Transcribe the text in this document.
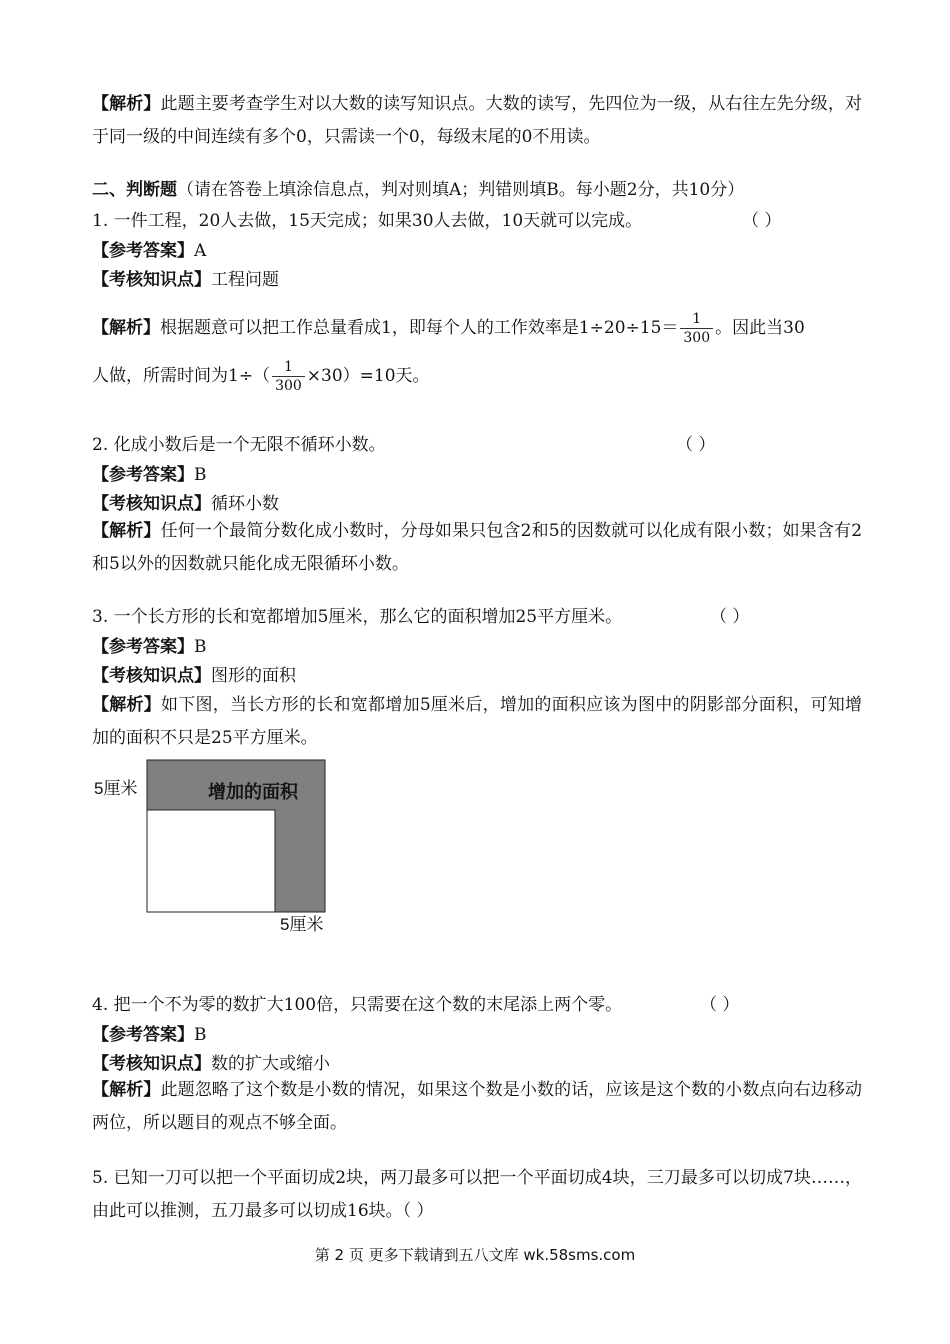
【解析】此题主要考查学生对以大数的读写知识点。大数的读写，先四位为一级，从右往左先分级，对于同一级的中间连续有多个0，只需读一个0，每级末尾的0不用读。
二、判断题（请在答卷上填涂信息点，判对则填A；判错则填B。每小题2分，共10分）
1. 一件工程，20人去做，15天完成；如果30人去做，10天就可以完成。	（ ）
【参考答案】A
【考核知识点】工程问题
【解析】根据题意可以把工作总量看成1，即每个人的工作效率是$1\div 20\div 15= \frac{1}{300}$ 。因此当30
人做，所需时间为$1\div( \frac{1}{300} \times 30)=10$天。
2. 化成小数后是一个无限不循环小数。	（ ）
【参考答案】B
【考核知识点】循环小数
【解析】任何一个最简分数化成小数时，分母如果只包含2和5的因数就可以化成有限小数；如果含有2和5以外的因数就只能化成无限循环小数。
3. 一个长方形的长和宽都增加5厘米，那么它的面积增加25平方厘米。	（ ）
【参考答案】B
【考核知识点】图形的面积
【解析】如下图，当长方形的长和宽都增加5厘米后，增加的面积应该为图中的阴影部分面积，可知增加的面积不只是25平方厘米。
5厘米	增加的面积
5厘米
4. 把一个不为零的数扩大100倍，只需要在这个数的末尾添上两个零。	（ ）
【参考答案】B
【考核知识点】数的扩大或缩小
【解析】此题忽略了这个数是小数的情况，如果这个数是小数的话，应该是这个数的小数点向右边移动两位，所以题目的观点不够全面。
5. 已知一刀可以把一个平面切成2块，两刀最多可以把一个平面切成4块，三刀最多可以切成7块……，由此可以推测，五刀最多可以切成16块。（ ）
第 2 页 更多下载请到五八文库 wk.58sms.com
